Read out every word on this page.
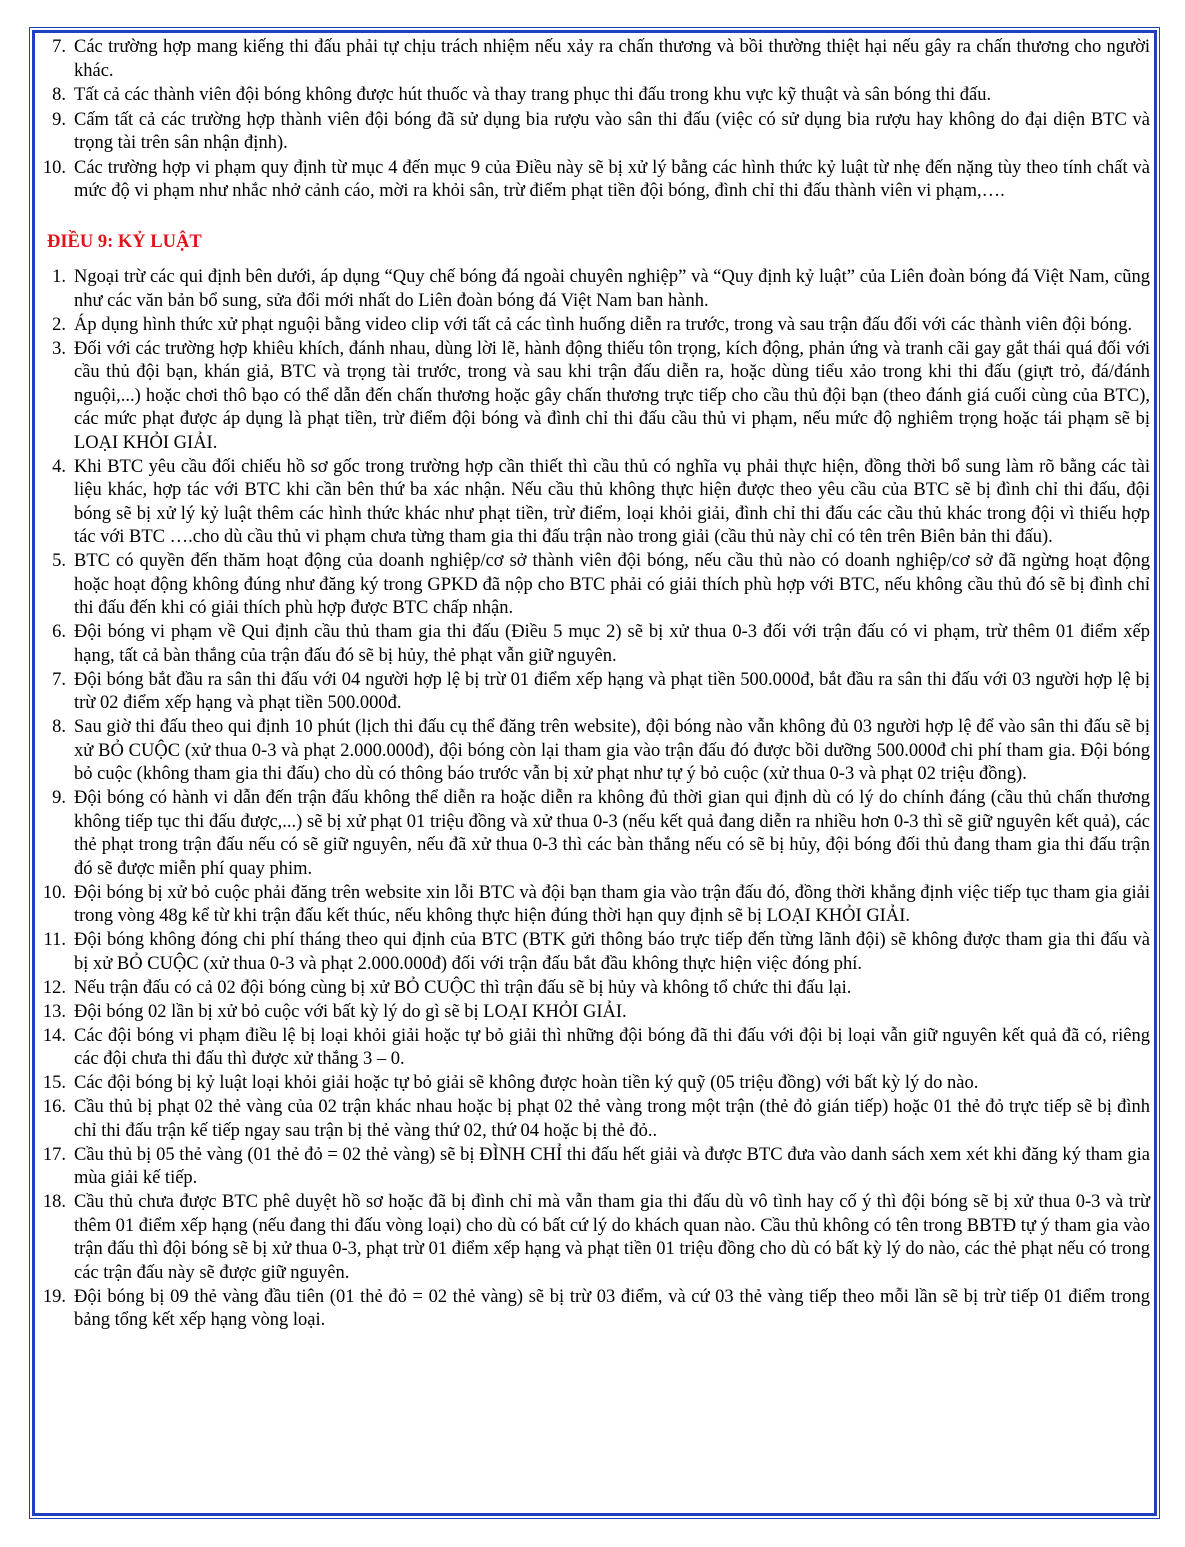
7. Các trường hợp mang kiếng thi đấu phải tự chịu trách nhiệm nếu xảy ra chấn thương và bồi thường thiệt hại nếu gây ra chấn thương cho người khác.
8. Tất cả các thành viên đội bóng không được hút thuốc và thay trang phục thi đấu trong khu vực kỹ thuật và sân bóng thi đấu.
9. Cấm tất cả các trường hợp thành viên đội bóng đã sử dụng bia rượu vào sân thi đấu (việc có sử dụng bia rượu hay không do đại diện BTC và trọng tài trên sân nhận định).
10. Các trường hợp vi phạm quy định từ mục 4 đến mục 9 của Điều này sẽ bị xử lý bằng các hình thức kỷ luật từ nhẹ đến nặng tùy theo tính chất và mức độ vi phạm như nhắc nhở cảnh cáo, mời ra khỏi sân, trừ điểm phạt tiền đội bóng, đình chỉ thi đấu thành viên vi phạm,….
ĐIỀU 9: KỶ LUẬT
1. Ngoại trừ các qui định bên dưới, áp dụng “Quy chế bóng đá ngoài chuyên nghiệp” và “Quy định kỷ luật” của Liên đoàn bóng đá Việt Nam, cũng như các văn bản bổ sung, sửa đổi mới nhất do Liên đoàn bóng đá Việt Nam ban hành.
2. Áp dụng hình thức xử phạt nguội bằng video clip với tất cả các tình huống diễn ra trước, trong và sau trận đấu đối với các thành viên đội bóng.
3. Đối với các trường hợp khiêu khích, đánh nhau, dùng lời lẽ, hành động thiếu tôn trọng, kích động, phản ứng và tranh cãi gay gắt thái quá đối với cầu thủ đội bạn, khán giả, BTC và trọng tài trước, trong và sau khi trận đấu diễn ra, hoặc dùng tiểu xảo trong khi thi đấu (giựt trỏ, đá/đánh nguội,...) hoặc chơi thô bạo có thể dẫn đến chấn thương hoặc gây chấn thương trực tiếp cho cầu thủ đội bạn (theo đánh giá cuối cùng của BTC), các mức phạt được áp dụng là phạt tiền, trừ điểm đội bóng và đình chỉ thi đấu cầu thủ vi phạm, nếu mức độ nghiêm trọng hoặc tái phạm sẽ bị LOẠI KHỎI GIẢI.
4. Khi BTC yêu cầu đối chiếu hồ sơ gốc trong trường hợp cần thiết thì cầu thủ có nghĩa vụ phải thực hiện, đồng thời bổ sung làm rõ bằng các tài liệu khác, hợp tác với BTC khi cần bên thứ ba xác nhận. Nếu cầu thủ không thực hiện được theo yêu cầu của BTC sẽ bị đình chỉ thi đấu, đội bóng sẽ bị xử lý kỷ luật thêm các hình thức khác như phạt tiền, trừ điểm, loại khỏi giải, đình chỉ thi đấu các cầu thủ khác trong đội vì thiếu hợp tác với BTC ….cho dù cầu thủ vi phạm chưa từng tham gia thi đấu trận nào trong giải (cầu thủ này chỉ có tên trên Biên bản thi đấu).
5. BTC có quyền đến thăm hoạt động của doanh nghiệp/cơ sở thành viên đội bóng, nếu cầu thủ nào có doanh nghiệp/cơ sở đã ngừng hoạt động hoặc hoạt động không đúng như đăng ký trong GPKD đã nộp cho BTC phải có giải thích phù hợp với BTC, nếu không cầu thủ đó sẽ bị đình chỉ thi đấu đến khi có giải thích phù hợp được BTC chấp nhận.
6. Đội bóng vi phạm về Qui định cầu thủ tham gia thi đấu (Điều 5 mục 2) sẽ bị xử thua 0-3 đối với trận đấu có vi phạm, trừ thêm 01 điểm xếp hạng, tất cả bàn thắng của trận đấu đó sẽ bị hủy, thẻ phạt vẫn giữ nguyên.
7. Đội bóng bắt đầu ra sân thi đấu với 04 người hợp lệ bị trừ 01 điểm xếp hạng và phạt tiền 500.000đ, bắt đầu ra sân thi đấu với 03 người hợp lệ bị trừ 02 điểm xếp hạng và phạt tiền 500.000đ.
8. Sau giờ thi đấu theo qui định 10 phút (lịch thi đấu cụ thể đăng trên website), đội bóng nào vẫn không đủ 03 người hợp lệ để vào sân thi đấu sẽ bị xử BỎ CUỘC (xử thua 0-3 và phạt 2.000.000đ), đội bóng còn lại tham gia vào trận đấu đó được bồi dưỡng 500.000đ chi phí tham gia. Đội bóng bỏ cuộc (không tham gia thi đấu) cho dù có thông báo trước vẫn bị xử phạt như tự ý bỏ cuộc (xử thua 0-3 và phạt 02 triệu đồng).
9. Đội bóng có hành vi dẫn đến trận đấu không thể diễn ra hoặc diễn ra không đủ thời gian qui định dù có lý do chính đáng (cầu thủ chấn thương không tiếp tục thi đấu được,...) sẽ bị xử phạt 01 triệu đồng và xử thua 0-3 (nếu kết quả đang diễn ra nhiều hơn 0-3 thì sẽ giữ nguyên kết quả), các thẻ phạt trong trận đấu nếu có sẽ giữ nguyên, nếu đã xử thua 0-3 thì các bàn thắng nếu có sẽ bị hủy, đội bóng đối thủ đang tham gia thi đấu trận đó sẽ được miễn phí quay phim.
10. Đội bóng bị xử bỏ cuộc phải đăng trên website xin lỗi BTC và đội bạn tham gia vào trận đấu đó, đồng thời khẳng định việc tiếp tục tham gia giải trong vòng 48g kể từ khi trận đấu kết thúc, nếu không thực hiện đúng thời hạn quy định sẽ bị LOẠI KHỎI GIẢI.
11. Đội bóng không đóng chi phí tháng theo qui định của BTC (BTK gửi thông báo trực tiếp đến từng lãnh đội) sẽ không được tham gia thi đấu và bị xử BỎ CUỘC (xử thua 0-3 và phạt 2.000.000đ) đối với trận đấu bắt đầu không thực hiện việc đóng phí.
12. Nếu trận đấu có cả 02 đội bóng cùng bị xử BỎ CUỘC thì trận đấu sẽ bị hủy và không tổ chức thi đấu lại.
13. Đội bóng 02 lần bị xử bỏ cuộc với bất kỳ lý do gì sẽ bị LOẠI KHỎI GIẢI.
14. Các đội bóng vi phạm điều lệ bị loại khỏi giải hoặc tự bỏ giải thì những đội bóng đã thi đấu với đội bị loại vẫn giữ nguyên kết quả đã có, riêng các đội chưa thi đấu thì được xử thắng 3 – 0.
15. Các đội bóng bị kỷ luật loại khỏi giải hoặc tự bỏ giải sẽ không được hoàn tiền ký quỹ (05 triệu đồng) với bất kỳ lý do nào.
16. Cầu thủ bị phạt 02 thẻ vàng của 02 trận khác nhau hoặc bị phạt 02 thẻ vàng trong một trận (thẻ đỏ gián tiếp) hoặc 01 thẻ đỏ trực tiếp sẽ bị đình chỉ thi đấu trận kế tiếp ngay sau trận bị thẻ vàng thứ 02, thứ 04 hoặc bị thẻ đỏ..
17. Cầu thủ bị 05 thẻ vàng (01 thẻ đỏ = 02 thẻ vàng) sẽ bị ĐÌNH CHỈ thi đấu hết giải và được BTC đưa vào danh sách xem xét khi đăng ký tham gia mùa giải kế tiếp.
18. Cầu thủ chưa được BTC phê duyệt hồ sơ hoặc đã bị đình chỉ mà vẫn tham gia thi đấu dù vô tình hay cố ý thì đội bóng sẽ bị xử thua 0-3 và trừ thêm 01 điểm xếp hạng (nếu đang thi đấu vòng loại) cho dù có bất cứ lý do khách quan nào. Cầu thủ không có tên trong BBTĐ tự ý tham gia vào trận đấu thì đội bóng sẽ bị xử thua 0-3, phạt trừ 01 điểm xếp hạng và phạt tiền 01 triệu đồng cho dù có bất kỳ lý do nào, các thẻ phạt nếu có trong các trận đấu này sẽ được giữ nguyên.
19. Đội bóng bị 09 thẻ vàng đầu tiên (01 thẻ đỏ = 02 thẻ vàng) sẽ bị trừ 03 điểm, và cứ 03 thẻ vàng tiếp theo mỗi lần sẽ bị trừ tiếp 01 điểm trong bảng tổng kết xếp hạng vòng loại.
